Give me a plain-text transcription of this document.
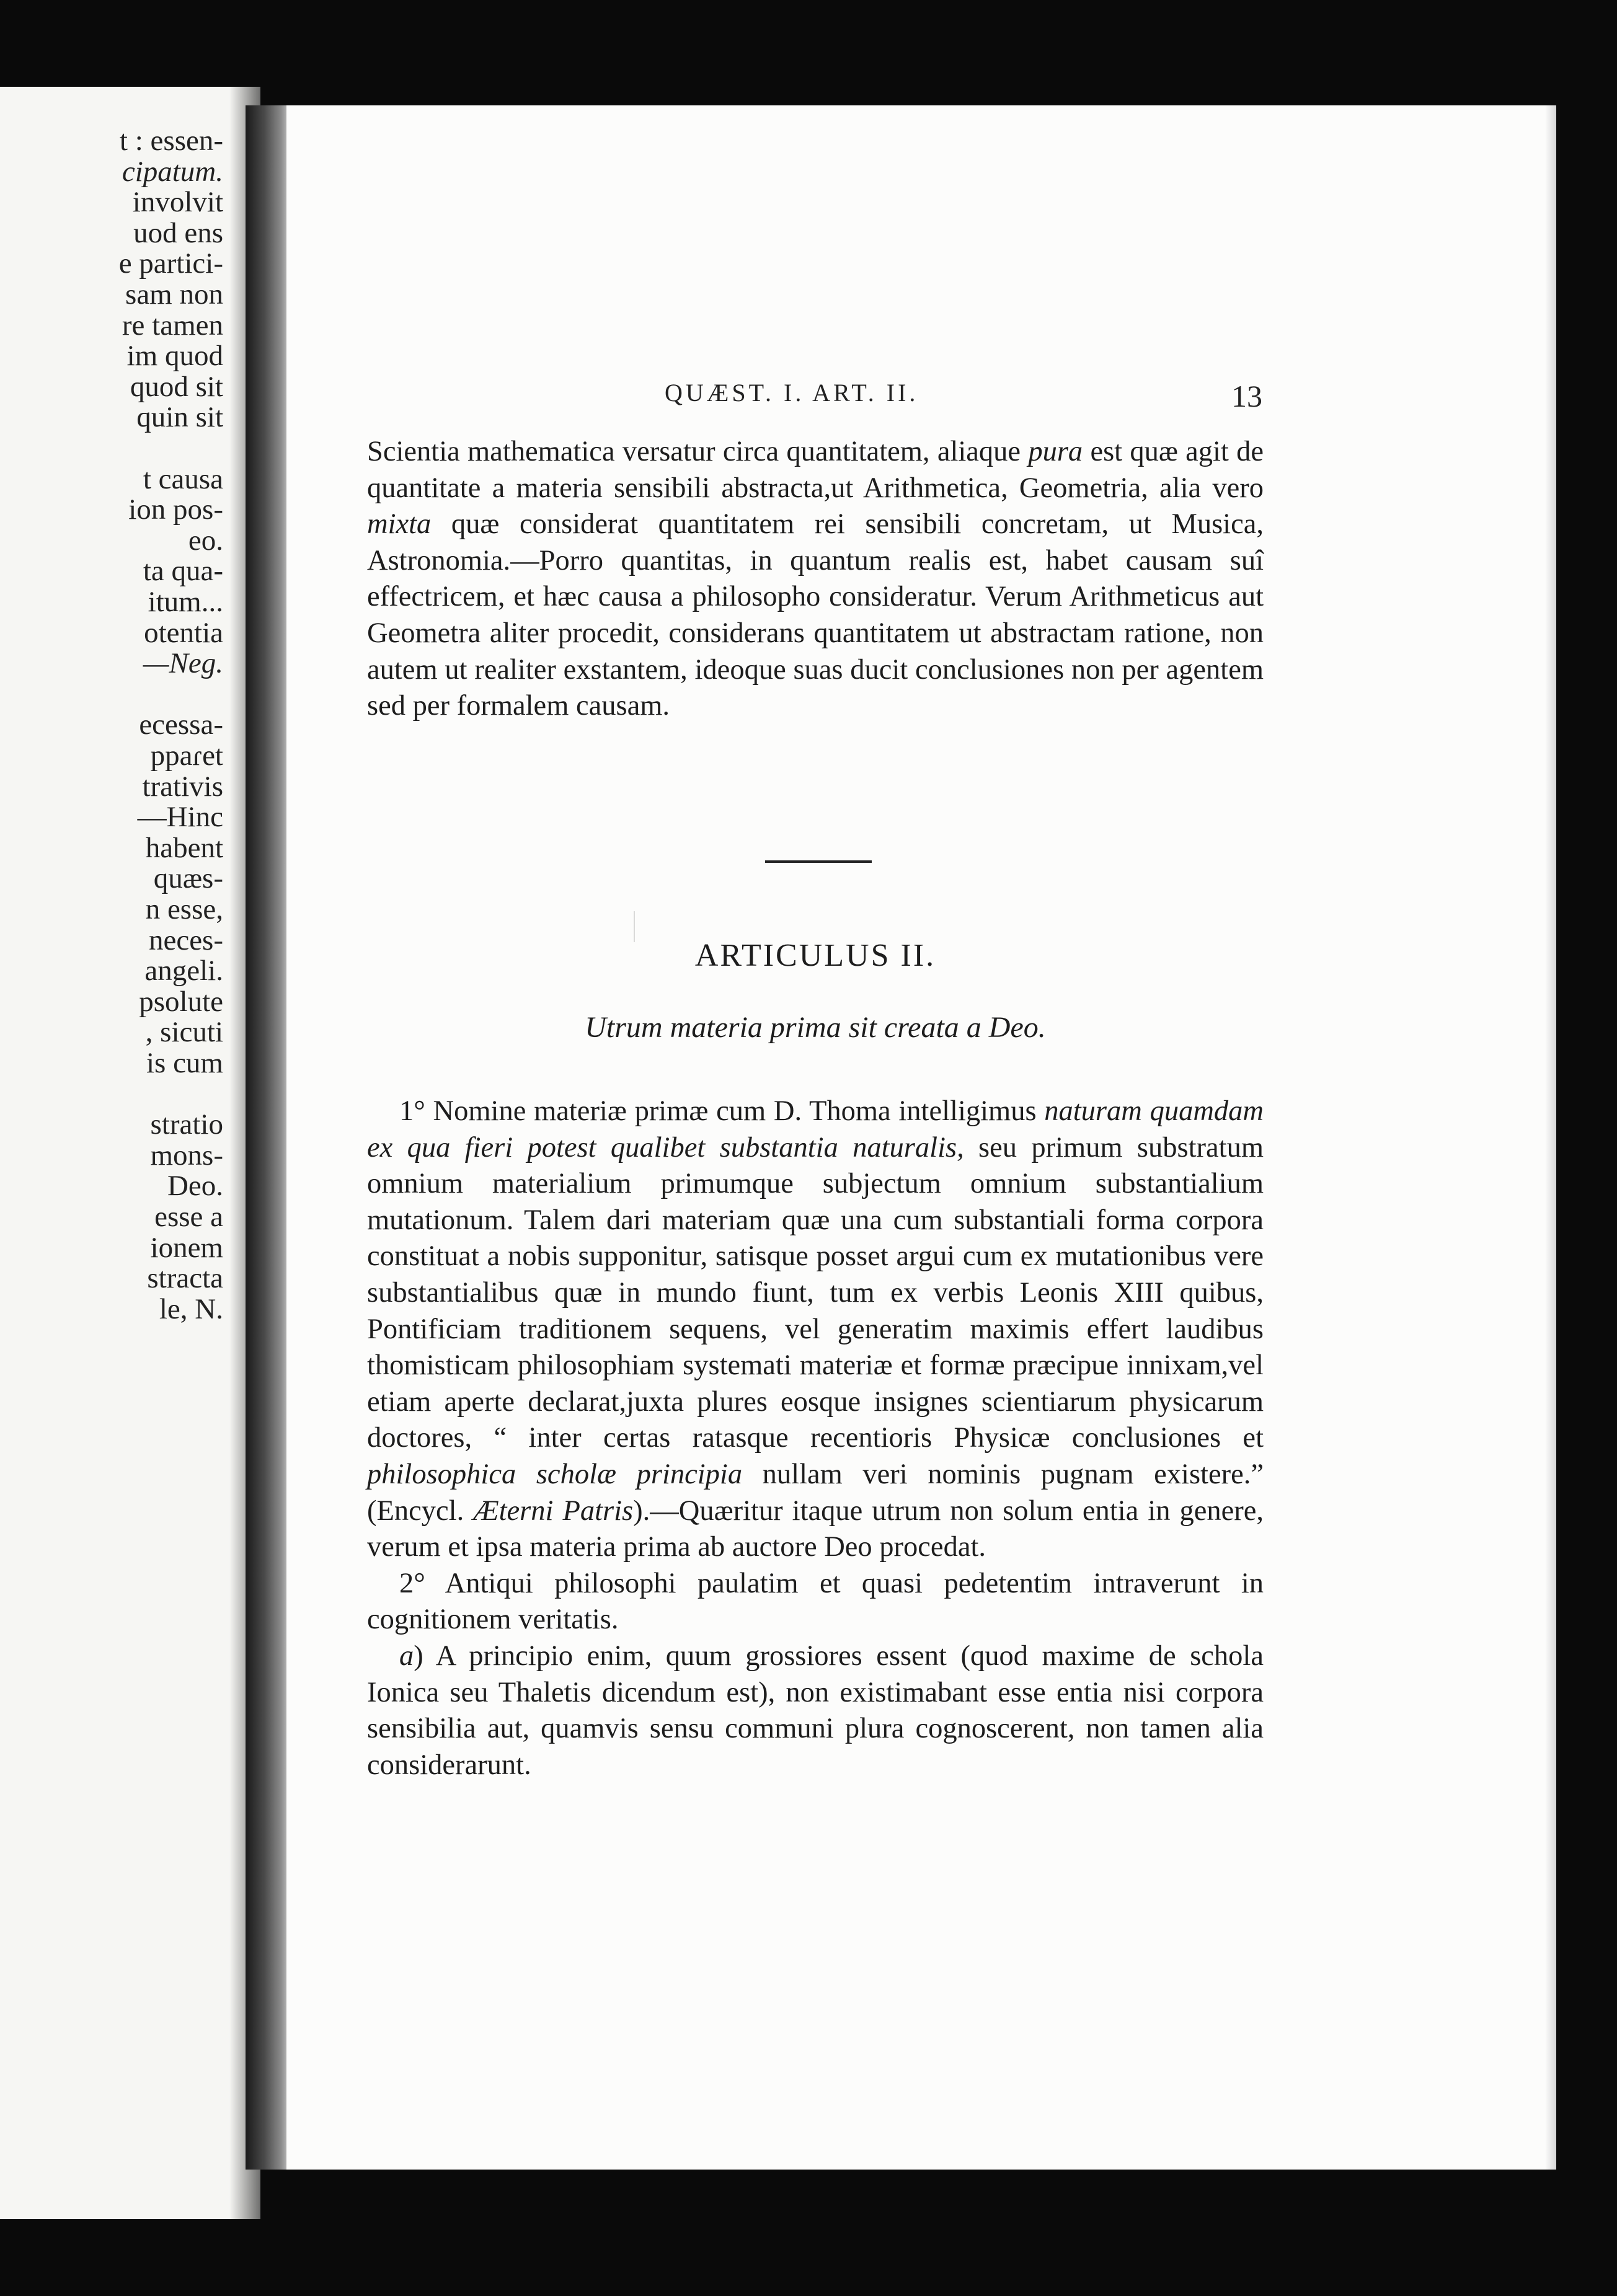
t : essen-
cipatum.
involvit
uod ens
e partici-
sam non
re tamen
im quod
quod sit
quin sit
t causa
ion pos-
eo.
ta qua-
itum...
otentia
—Neg.
ecessa-
ppaɾet
trativis
—Hinc
habent
quæs-
n esse,
neces-
angeli.
psolute
, sicuti
is cum
stratio
mons-
Deo.
esse a
ionem
stracta
le, N.
QUÆST. I. ART. II.	13

Scientia mathematica versatur circa quantitatem, aliaque pura est quæ agit de quantitate a materia sensibili abstracta,ut Arithmetica, Geometria, alia vero mixta quæ considerat quantitatem rei sensibili concretam, ut Musica, Astronomia.—Porro quantitas, in quantum realis est, habet causam suî effectricem, et hæc causa a philosopho consideratur. Verum Arithmeticus aut Geometra aliter procedit, considerans quantitatem ut abstractam ratione, non autem ut realiter exstantem, ideoque suas ducit conclusiones non per agentem sed per formalem causam.

ARTICULUS II.
Utrum materia prima sit creata a Deo.

1° Nomine materiæ primæ cum D. Thoma intelligimus naturam quamdam ex qua fieri potest qualibet substantia naturalis, seu primum substratum omnium materialium primumque subjectum omnium substantialium mutationum. Talem dari materiam quæ una cum substantiali forma corpora constituat a nobis supponitur, satisque posset argui cum ex mutationibus vere substantialibus quæ in mundo fiunt, tum ex verbis Leonis XIII quibus, Pontificiam traditionem sequens, vel generatim maximis effert laudibus thomisticam philosophiam systemati materiæ et formæ præcipue innixam,vel etiam aperte declarat,juxta plures eosque insignes scientiarum physicarum doctores, “ inter certas ratasque recentioris Physicæ conclusiones et philosophica scholæ principia nullam veri nominis pugnam existere.” (Encycl. Æterni Patris).—Quæritur itaque utrum non solum entia in genere, verum et ipsa materia prima ab auctore Deo procedat.

2° Antiqui philosophi paulatim et quasi pedetentim intraverunt in cognitionem veritatis.

a) A principio enim, quum grossiores essent (quod maxime de schola Ionica seu Thaletis dicendum est), non existimabant esse entia nisi corpora sensibilia aut, quamvis sensu communi plura cognoscerent, non tamen alia considerarunt.
